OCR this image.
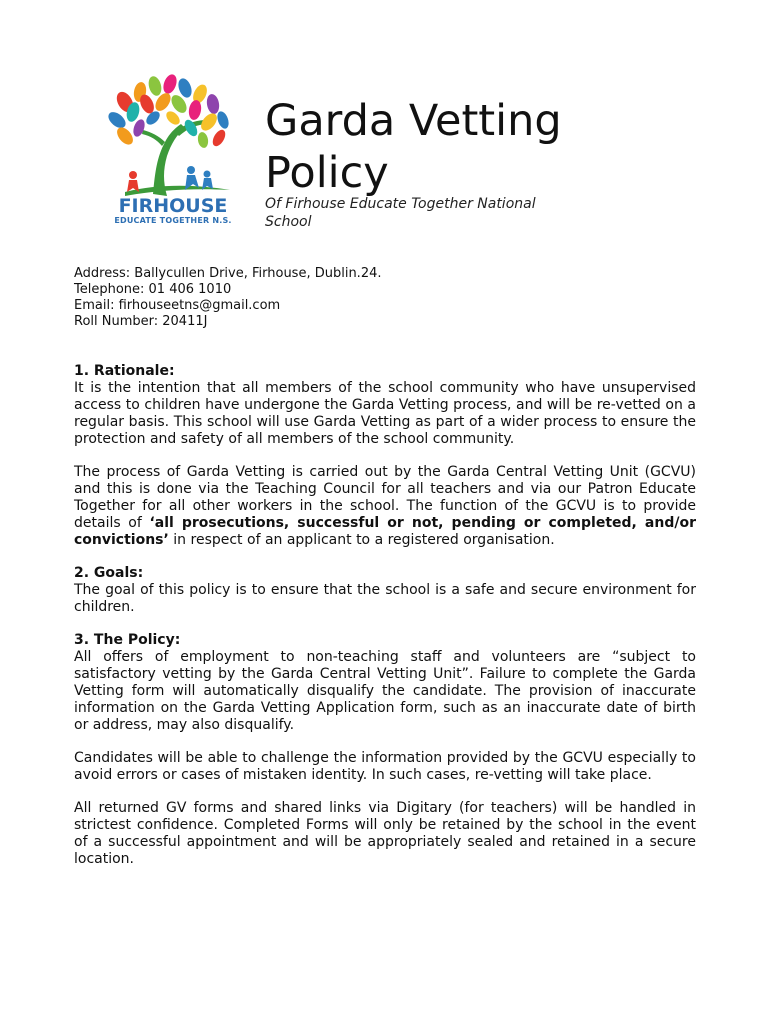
FIRHOUSE
EDUCATE TOGETHER N.S.
Garda Vetting
Policy

Of Firhouse Educate Together National School

Address: Ballycullen Drive, Firhouse, Dublin.24.
Telephone: 01 406 1010
Email: firhouseetns@gmail.com
Roll Number: 20411J
1. Rationale:

It is the intention that all members of the school community who have unsupervised access to children have undergone the Garda Vetting process, and will be re-vetted on a regular basis. This school will use Garda Vetting as part of a wider process to ensure the protection and safety of all members of the school community.

The process of Garda Vetting is carried out by the Garda Central Vetting Unit (GCVU) and this is done via the Teaching Council for all teachers and via our Patron Educate Together for all other workers in the school. The function of the GCVU is to provide details of ‘all prosecutions, successful or not, pending or completed, and/or convictions’ in respect of an applicant to a registered organisation.

2. Goals:

The goal of this policy is to ensure that the school is a safe and secure environment for children.

3. The Policy:

All offers of employment to non-teaching staff and volunteers are “subject to satisfactory vetting by the Garda Central Vetting Unit”. Failure to complete the Garda Vetting form will automatically disqualify the candidate. The provision of inaccurate information on the Garda Vetting Application form, such as an inaccurate date of birth or address, may also disqualify.

Candidates will be able to challenge the information provided by the GCVU especially to avoid errors or cases of mistaken identity. In such cases, re-vetting will take place.

All returned GV forms and shared links via Digitary (for teachers) will be handled in strictest confidence. Completed Forms will only be retained by the school in the event of a successful appointment and will be appropriately sealed and retained in a secure location.
